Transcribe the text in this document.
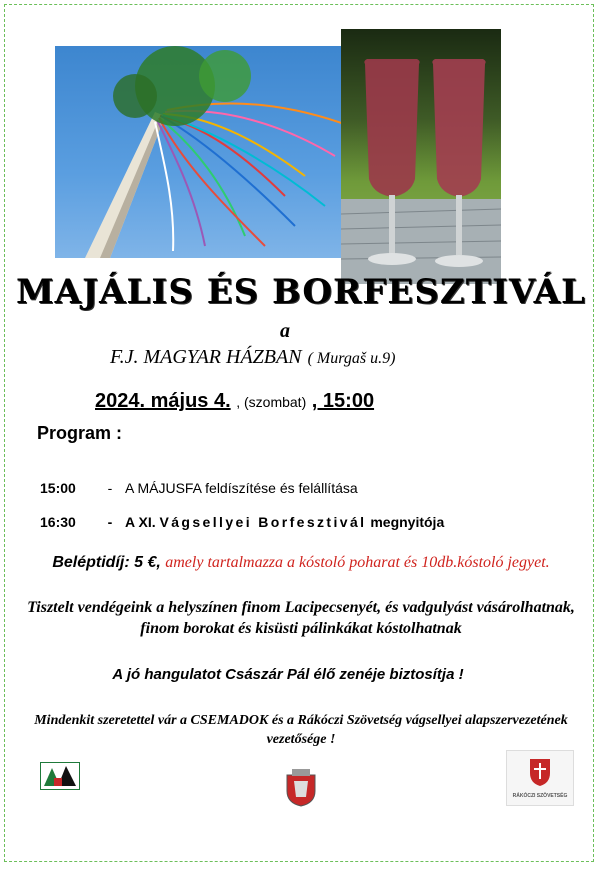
MAJÁLIS ÉS BORFESZTIVÁL
a
F.J. MAGYAR HÁZBAN ( Murgaš u.9)
2024. május 4. , (szombat) , 15:00
Program :
15:00 - A MÁJUSFA feldíszítése és felállítása
16:30 - A XI. Vágsellyei Borfesztivál megnyitója
Beléptidíj: 5 €, amely tartalmazza a kóstoló poharat és 10db.kóstoló jegyet.
Tisztelt vendégeink a helyszínen finom Lacipecsenyét, és vadgulyást vásárolhatnak,
finom borokat és kisüsti pálinkákat kóstolhatnak
A jó hangulatot Császár Pál élő zenéje biztosítja !
Mindenkit szeretettel vár a CSEMADOK és a Rákóczi Szövetség vágsellyei alapszervezetének
vezetősége !
RÁKÓCZI SZÖVETSÉG
